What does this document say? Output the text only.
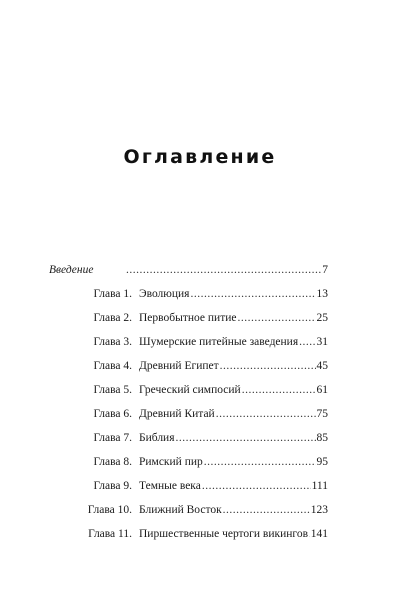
Оглавление
Введение .....	7
Глава 1. Эволюция .....	13
Глава 2. Первобытное питие .....	25
Глава 3. Шумерские питейные заведения ..... 31
Глава 4. Древний Египет .....	45
Глава 5. Греческий симпосий .....	61
Глава 6. Древний Китай .....	75
Глава 7. Библия .....	85
Глава 8. Римский пир .....	95
Глава 9. Темные века .....	111
Глава 10. Ближний Восток .....	123
Глава 11. Пиршественные чертоги викингов ..... 141
